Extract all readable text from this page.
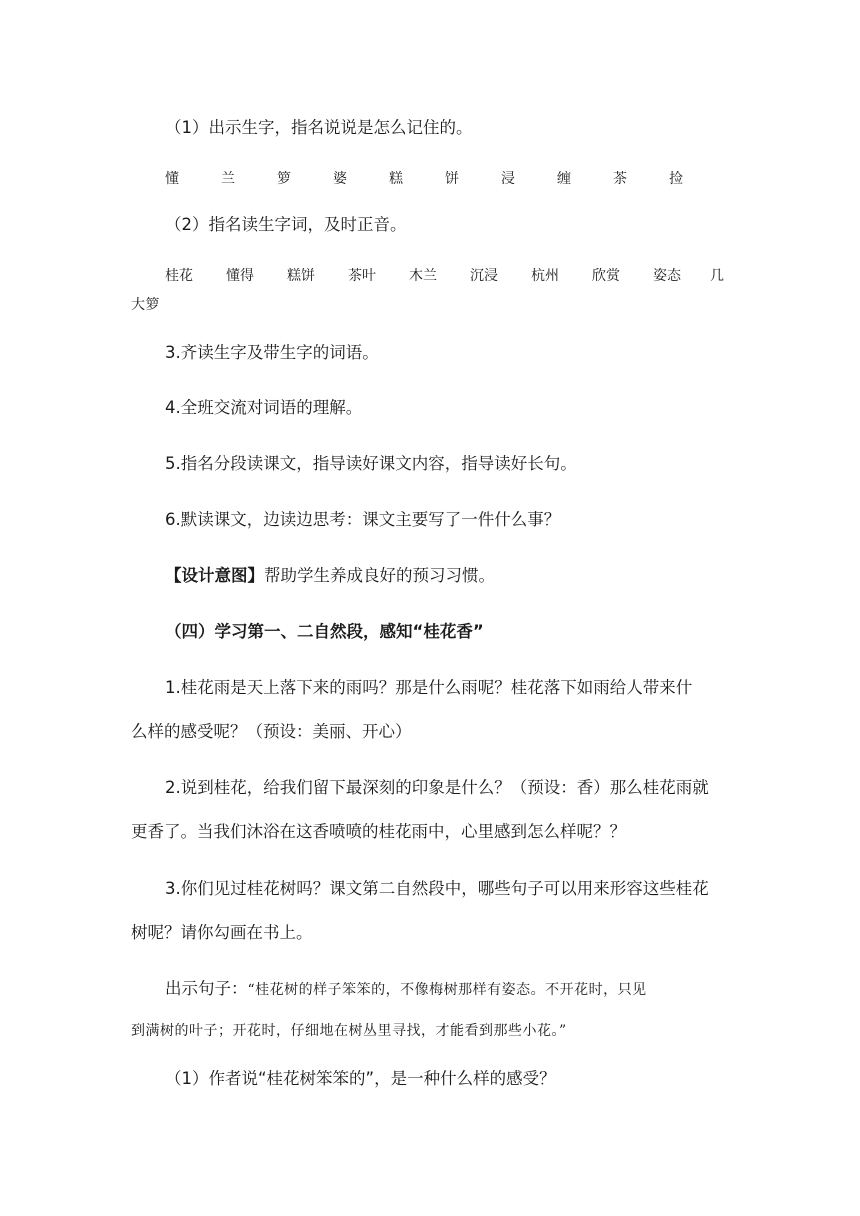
（1）出示生字，指名说说是怎么记住的。
懂	兰	箩	婆	糕	饼	浸	缠	茶	捡
（2）指名读生字词，及时正音。
桂花	懂得	糕饼	茶叶	木兰	沉浸	杭州	欣赏	姿态	几
大箩
3.齐读生字及带生字的词语。
4.全班交流对词语的理解。
5.指名分段读课文，指导读好课文内容，指导读好长句。
6.默读课文，边读边思考：课文主要写了一件什么事？
【设计意图】帮助学生养成良好的预习习惯。
（四）学习第一、二自然段，感知“桂花香”
1.桂花雨是天上落下来的雨吗？那是什么雨呢？桂花落下如雨给人带来什
么样的感受呢？（预设：美丽、开心）
2.说到桂花，给我们留下最深刻的印象是什么？（预设：香）那么桂花雨就
更香了。当我们沐浴在这香喷喷的桂花雨中，心里感到怎么样呢？？
3.你们见过桂花树吗？课文第二自然段中，哪些句子可以用来形容这些桂花
树呢？请你勾画在书上。
出示句子：“桂花树的样子笨笨的，不像梅树那样有姿态。不开花时，只见
到满树的叶子；开花时，仔细地在树丛里寻找，才能看到那些小花。”
（1）作者说“桂花树笨笨的”，是一种什么样的感受？
